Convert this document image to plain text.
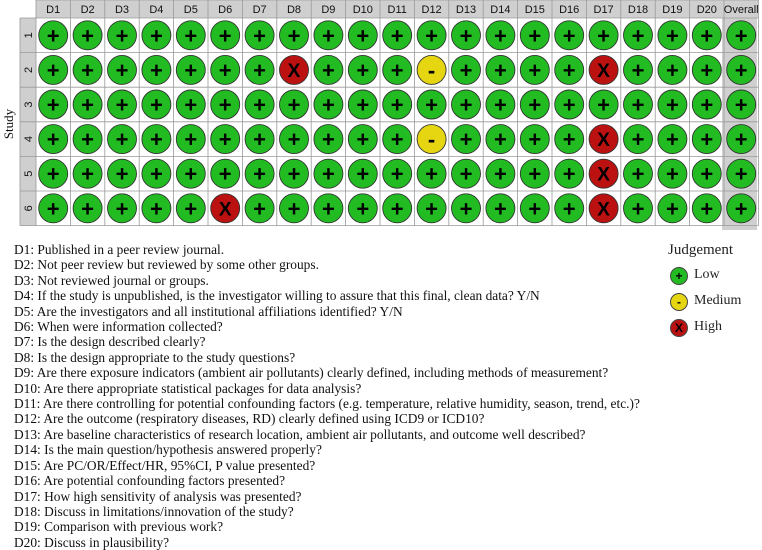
D1 D2 D3 D4 D5 D6 D7 D8 D9 D10 D11 D12 D13 D14 D15 D16 D17 D18 D19 D20 Overall
1
2
3
4
5
6
+ + + + + + + + + + + + + + + + + + + + +
+ + + + + + + X + + + - + + + + X + + + +
+ + + + + + + + + + + + + + + + + + + + +
+ + + + + + + + + + + - + + + + X + + + +
+ + + + + + + + + + + + + + + + X + + + +
+ + + + + X + + + + + + + + + + X + + + +
Study
Judgement
+ Low
- Medium
X High
D1: Published in a peer review journal.
D2: Not peer review but reviewed by some other groups.
D3: Not reviewed journal or groups.
D4: If the study is unpublished, is the investigator willing to assure that this final, clean data? Y/N
D5: Are the investigators and all institutional affiliations identified? Y/N
D6: When were information collected?
D7: Is the design described clearly?
D8: Is the design appropriate to the study questions?
D9: Are there exposure indicators (ambient air pollutants) clearly defined, including methods of measurement?
D10: Are there appropriate statistical packages for data analysis?
D11: Are there controlling for potential confounding factors (e.g. temperature, relative humidity, season, trend, etc.)?
D12: Are the outcome (respiratory diseases, RD) clearly defined using ICD9 or ICD10?
D13: Are baseline characteristics of research location, ambient air pollutants, and outcome well described?
D14: Is the main question/hypothesis answered properly?
D15: Are PC/OR/Effect/HR, 95%CI, P value presented?
D16: Are potential confounding factors presented?
D17: How high sensitivity of analysis was presented?
D18: Discuss in limitations/innovation of the study?
D19: Comparison with previous work?
D20: Discuss in plausibility?
